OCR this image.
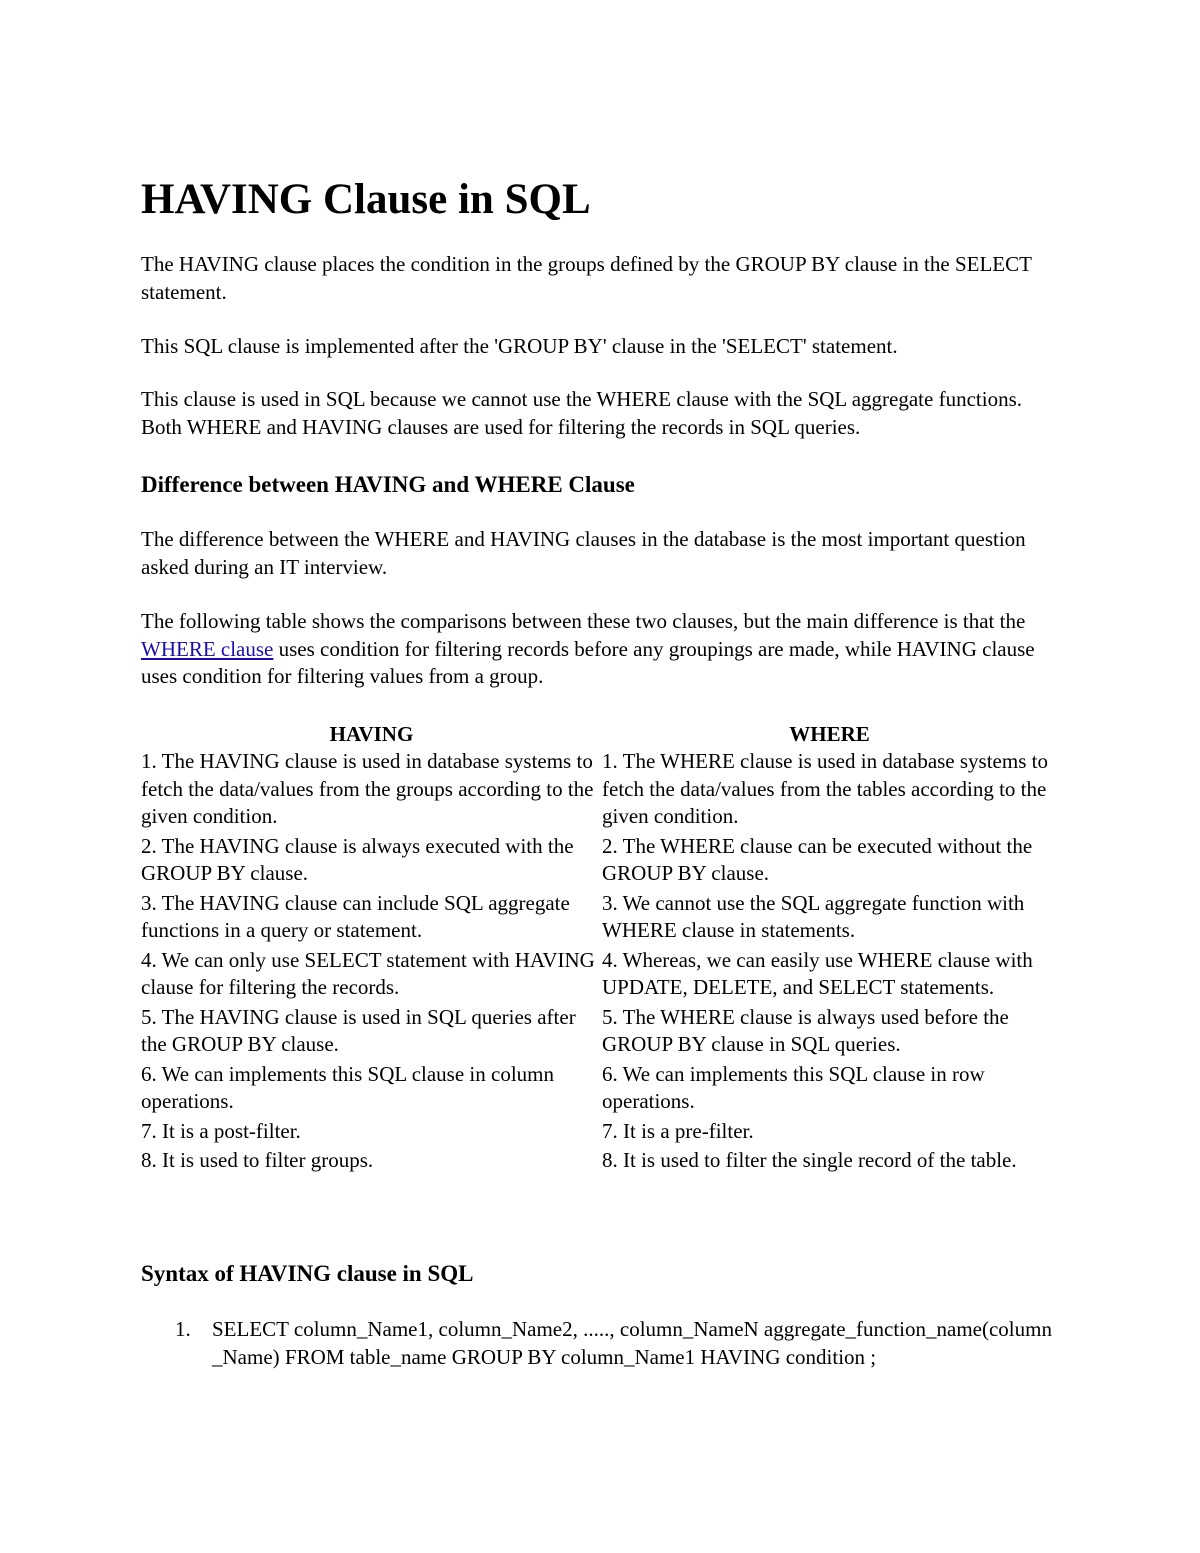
HAVING Clause in SQL

The HAVING clause places the condition in the groups defined by the GROUP BY clause in the SELECT statement.

This SQL clause is implemented after the 'GROUP BY' clause in the 'SELECT' statement.

This clause is used in SQL because we cannot use the WHERE clause with the SQL aggregate functions. Both WHERE and HAVING clauses are used for filtering the records in SQL queries.

Difference between HAVING and WHERE Clause

The difference between the WHERE and HAVING clauses in the database is the most important question asked during an IT interview.

The following table shows the comparisons between these two clauses, but the main difference is that the WHERE clause uses condition for filtering records before any groupings are made, while HAVING clause uses condition for filtering values from a group.

HAVING	WHERE
1. The HAVING clause is used in database systems to fetch the data/values from the groups according to the given condition.	1. The WHERE clause is used in database systems to fetch the data/values from the tables according to the given condition.
2. The HAVING clause is always executed with the GROUP BY clause.	2. The WHERE clause can be executed without the GROUP BY clause.
3. The HAVING clause can include SQL aggregate functions in a query or statement.	3. We cannot use the SQL aggregate function with WHERE clause in statements.
4. We can only use SELECT statement with HAVING clause for filtering the records.	4. Whereas, we can easily use WHERE clause with UPDATE, DELETE, and SELECT statements.
5. The HAVING clause is used in SQL queries after the GROUP BY clause.	5. The WHERE clause is always used before the GROUP BY clause in SQL queries.
6. We can implements this SQL clause in column operations.	6. We can implements this SQL clause in row operations.
7. It is a post-filter.	7. It is a pre-filter.
8. It is used to filter groups.	8. It is used to filter the single record of the table.
Syntax of HAVING clause in SQL
1. SELECT column_Name1, column_Name2, ....., column_NameN aggregate_function_name(column_Name) FROM table_name GROUP BY column_Name1 HAVING condition ;
